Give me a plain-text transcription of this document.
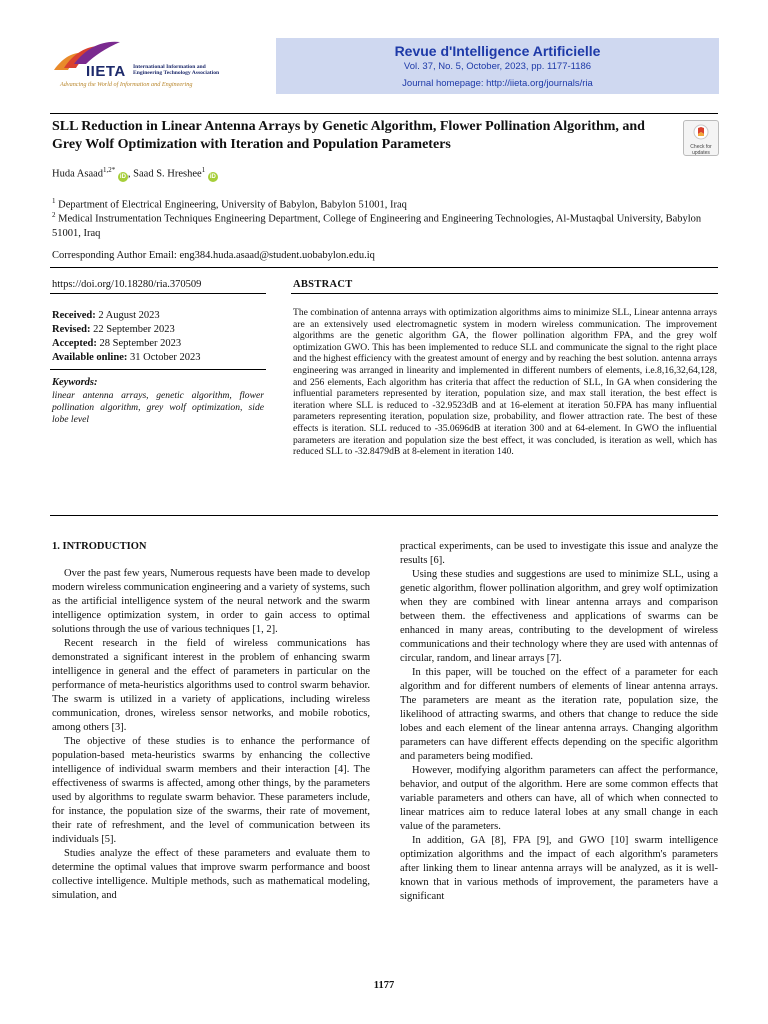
IIETA International Information and
Engineering Technology Association
Advancing the World of Information and Engineering
Revue d'Intelligence Artificielle
Vol. 37, No. 5, October, 2023, pp. 1177-1186
Journal homepage: http://iieta.org/journals/ria
SLL Reduction in Linear Antenna Arrays by Genetic Algorithm, Flower Pollination Algorithm, and Grey Wolf Optimization with Iteration and Population Parameters	Check for
updates
Huda Asaad$^{1,2*}$ iD , Saad S. Hreshee$^1$ iD
$^1$ Department of Electrical Engineering, University of Babylon, Babylon 51001, Iraq
$^2$ Medical Instrumentation Techniques Engineering Department, College of Engineering and Engineering Technologies, Al-Mustaqbal University, Babylon 51001, Iraq
Corresponding Author Email: eng384.huda.asaad@student.uobabylon.edu.iq
https://doi.org/10.18280/ria.370509
Received: 2 August 2023
Revised: 22 September 2023
Accepted: 28 September 2023
Available online: 31 October 2023
Keywords:
linear antenna arrays, genetic algorithm, flower pollination algorithm, grey wolf optimization, side lobe level
ABSTRACT
The combination of antenna arrays with optimization algorithms aims to minimize SLL, Linear antenna arrays are an extensively used electromagnetic system in modern wireless communication. The improvement algorithms are the genetic algorithm GA, the flower pollination algorithm FPA, and the grey wolf optimization GWO. This has been implemented to reduce SLL and communicate the signal to the right place and the highest efficiency with the greatest amount of energy and by reaching the best solution. antenna arrays engineering was arranged in linearity and implemented in different numbers of elements, i.e.8,16,32,64,128, and 256 elements, Each algorithm has criteria that affect the reduction of SLL, In GA when considering the influential parameters represented by iteration, population size, and max stall iteration, the best effect is iteration where SLL is reduced to -32.9523dB and at 16-element at iteration 50.FPA has many influential parameters representing iteration, population size, probability, and flower attraction rate. The best of these effects is iteration. SLL reduced to -35.0696dB at iteration 300 and at 64-element. In GWO the influential parameters are iteration and population size the best effect, it was concluded, is iteration as well, which has reduced SLL to -32.8479dB at 8-element in iteration 140.
1. INTRODUCTION

Over the past few years, Numerous requests have been made to develop modern wireless communication engineering and a variety of systems, such as the artificial intelligence system of the neural network and the swarm intelligence optimization system, in order to gain access to optimal solutions through the use of various techniques [1, 2].

Recent research in the field of wireless communications has demonstrated a significant interest in the problem of enhancing swarm intelligence in general and the effect of parameters in particular on the performance of meta-heuristics algorithms used to control swarm behavior. The swarm is utilized in a variety of applications, including wireless communication, drones, wireless sensor networks, and mobile robotics, among others [3].

The objective of these studies is to enhance the performance of population-based meta-heuristics swarms by enhancing the collective intelligence of individual swarm members and their interaction [4]. The effectiveness of swarms is affected, among other things, by the parameters used by algorithms to regulate swarm behavior. These parameters include, for instance, the population size of the swarms, their rate of movement, their rate of refreshment, and the level of communication between its individuals [5].

Studies analyze the effect of these parameters and evaluate them to determine the optimal values that improve swarm performance and boost collective intelligence. Multiple methods, such as mathematical modeling, simulation, and

practical experiments, can be used to investigate this issue and analyze the results [6].

Using these studies and suggestions are used to minimize SLL, using a genetic algorithm, flower pollination algorithm, and grey wolf optimization when they are combined with linear antenna arrays and comparison between them. the effectiveness and applications of swarms can be enhanced in many areas, contributing to the development of wireless communications and their technology where they are used with antennas of circular, random, and linear arrays [7].

In this paper, will be touched on the effect of a parameter for each algorithm and for different numbers of elements of linear antenna arrays. The parameters are meant as the iteration rate, population size, the likelihood of attracting swarms, and others that change to reduce the side lobes and each element of the linear antenna arrays. Changing algorithm parameters can have different effects depending on the specific algorithm and parameters being modified.

However, modifying algorithm parameters can affect the performance, behavior, and output of the algorithm. Here are some common effects that variable parameters and others can have, all of which when connected to linear matrices aim to reduce lateral lobes at any small change in each value of the parameters.

In addition, GA [8], FPA [9], and GWO [10] swarm intelligence optimization algorithms and the impact of each algorithm's parameters after linking them to linear antenna arrays will be analyzed, as it is well-known that in various methods of improvement, the parameters have a significant

1177
